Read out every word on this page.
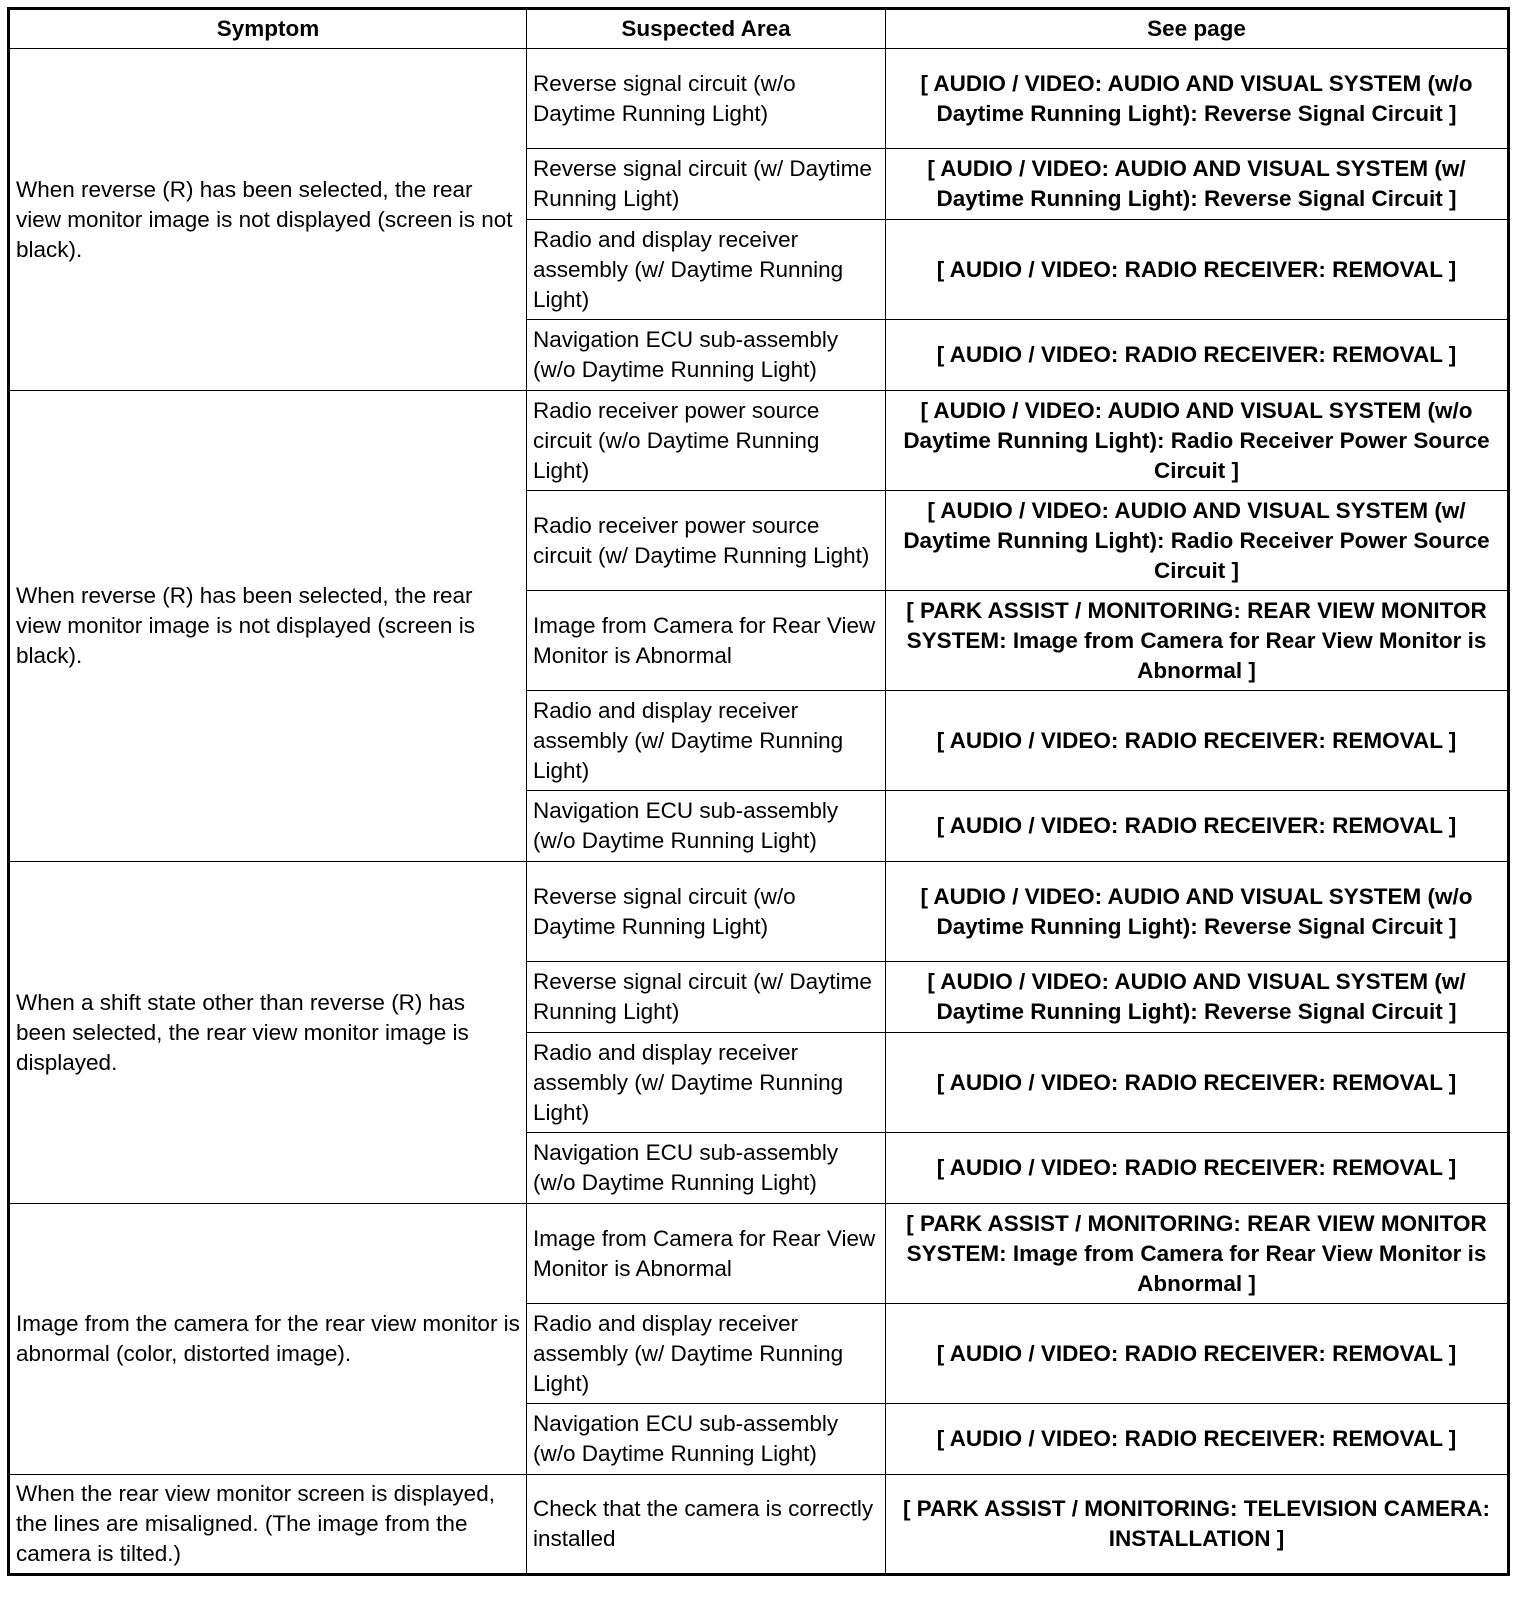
Symptom	Suspected Area	See page
When reverse (R) has been selected, the rear view monitor image is not displayed (screen is not black).	Reverse signal circuit (w/o Daytime Running Light)	[ AUDIO / VIDEO: AUDIO AND VISUAL SYSTEM (w/o Daytime Running Light): Reverse Signal Circuit ]
	Reverse signal circuit (w/ Daytime Running Light)	[ AUDIO / VIDEO: AUDIO AND VISUAL SYSTEM (w/ Daytime Running Light): Reverse Signal Circuit ]
	Radio and display receiver assembly (w/ Daytime Running Light)	[ AUDIO / VIDEO: RADIO RECEIVER: REMOVAL ]
	Navigation ECU sub-assembly (w/o Daytime Running Light)	[ AUDIO / VIDEO: RADIO RECEIVER: REMOVAL ]
When reverse (R) has been selected, the rear view monitor image is not displayed (screen is black).	Radio receiver power source circuit (w/o Daytime Running Light)	[ AUDIO / VIDEO: AUDIO AND VISUAL SYSTEM (w/o Daytime Running Light): Radio Receiver Power Source Circuit ]
	Radio receiver power source circuit (w/ Daytime Running Light)	[ AUDIO / VIDEO: AUDIO AND VISUAL SYSTEM (w/ Daytime Running Light): Radio Receiver Power Source Circuit ]
	Image from Camera for Rear View Monitor is Abnormal	[ PARK ASSIST / MONITORING: REAR VIEW MONITOR SYSTEM: Image from Camera for Rear View Monitor is Abnormal ]
	Radio and display receiver assembly (w/ Daytime Running Light)	[ AUDIO / VIDEO: RADIO RECEIVER: REMOVAL ]
	Navigation ECU sub-assembly (w/o Daytime Running Light)	[ AUDIO / VIDEO: RADIO RECEIVER: REMOVAL ]
When a shift state other than reverse (R) has been selected, the rear view monitor image is displayed.	Reverse signal circuit (w/o Daytime Running Light)	[ AUDIO / VIDEO: AUDIO AND VISUAL SYSTEM (w/o Daytime Running Light): Reverse Signal Circuit ]
	Reverse signal circuit (w/ Daytime Running Light)	[ AUDIO / VIDEO: AUDIO AND VISUAL SYSTEM (w/ Daytime Running Light): Reverse Signal Circuit ]
	Radio and display receiver assembly (w/ Daytime Running Light)	[ AUDIO / VIDEO: RADIO RECEIVER: REMOVAL ]
	Navigation ECU sub-assembly (w/o Daytime Running Light)	[ AUDIO / VIDEO: RADIO RECEIVER: REMOVAL ]
Image from the camera for the rear view monitor is abnormal (color, distorted image).	Image from Camera for Rear View Monitor is Abnormal	[ PARK ASSIST / MONITORING: REAR VIEW MONITOR SYSTEM: Image from Camera for Rear View Monitor is Abnormal ]
	Radio and display receiver assembly (w/ Daytime Running Light)	[ AUDIO / VIDEO: RADIO RECEIVER: REMOVAL ]
	Navigation ECU sub-assembly (w/o Daytime Running Light)	[ AUDIO / VIDEO: RADIO RECEIVER: REMOVAL ]
When the rear view monitor screen is displayed, the lines are misaligned. (The image from the camera is tilted.)	Check that the camera is correctly installed	[ PARK ASSIST / MONITORING: TELEVISION CAMERA: INSTALLATION ]
